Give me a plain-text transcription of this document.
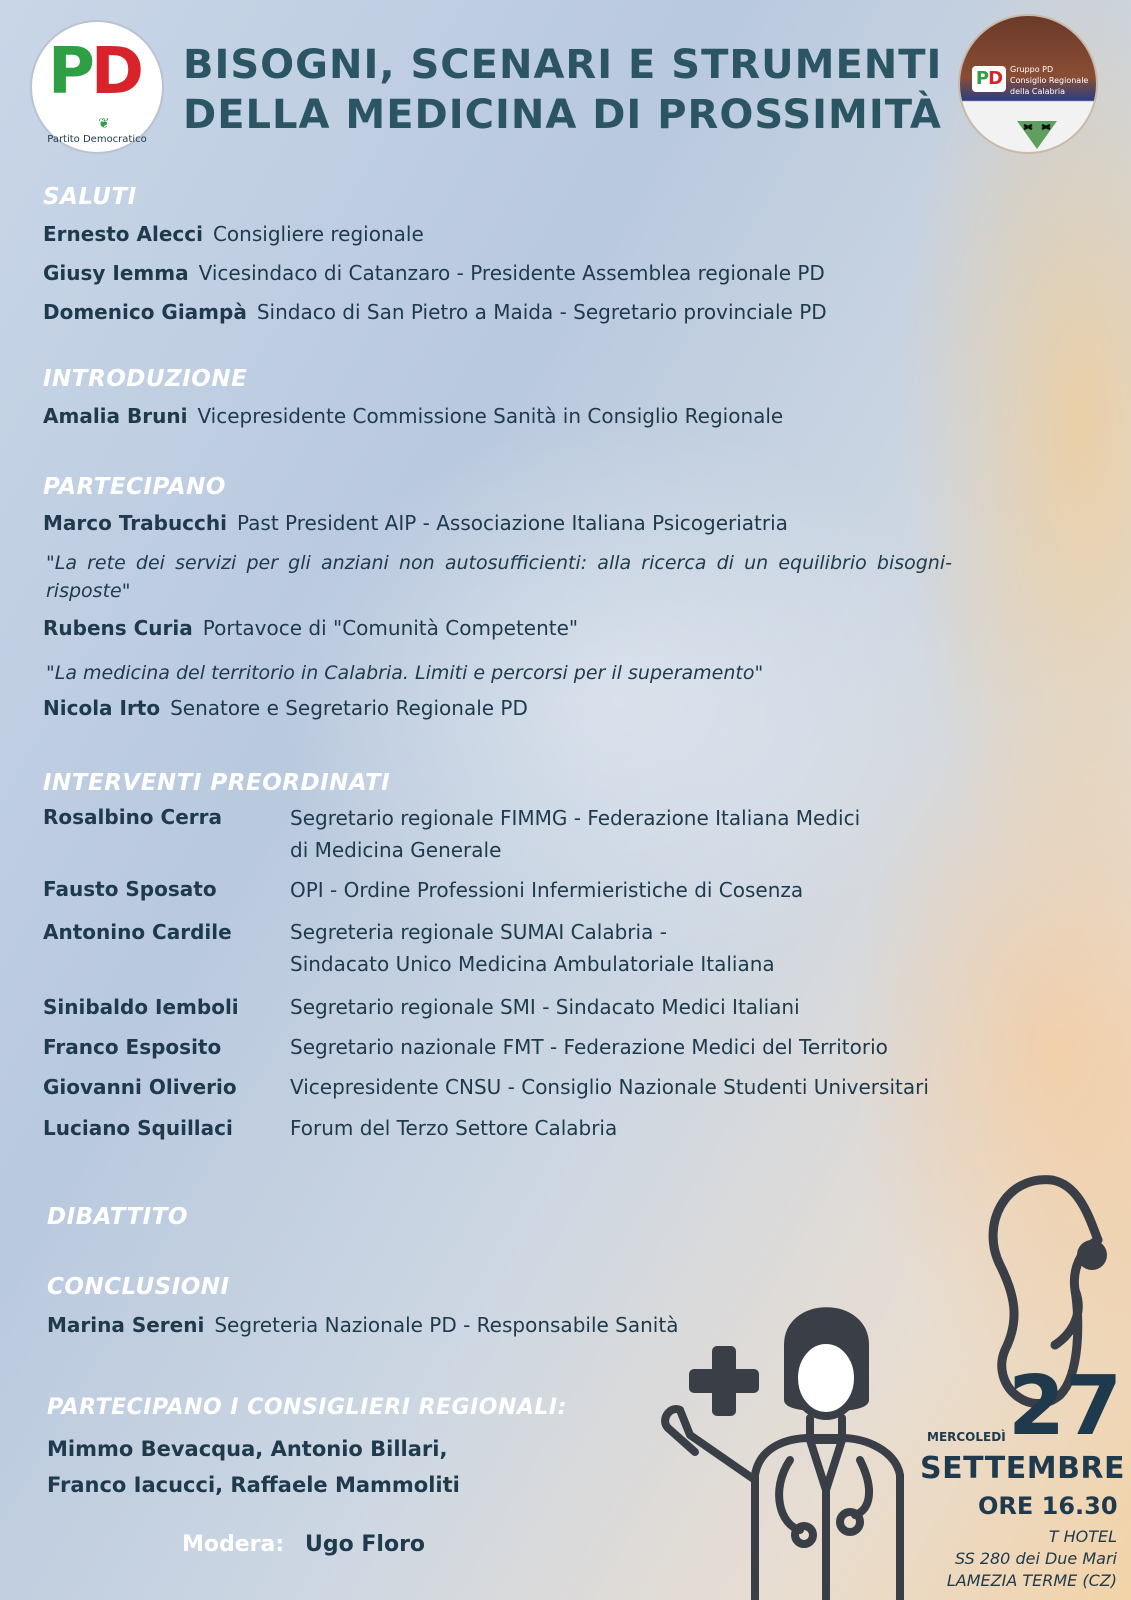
PD
❦
Partito Democratico
PD Gruppo PD
Consiglio Regionale
della Calabria
BISOGNI, SCENARI E STRUMENTI
DELLA MEDICINA DI PROSSIMITÀ
SALUTI
Ernesto Alecci Consigliere regionale
Giusy Iemma Vicesindaco di Catanzaro - Presidente Assemblea regionale PD
Domenico Giampà Sindaco di San Pietro a Maida - Segretario provinciale PD
INTRODUZIONE
Amalia Bruni Vicepresidente Commissione Sanità in Consiglio Regionale
PARTECIPANO
Marco Trabucchi Past President AIP - Associazione Italiana Psicogeriatria
"La rete dei servizi per gli anziani non autosufficienti: alla ricerca di un equilibrio bisogni-risposte"
Rubens Curia Portavoce di "Comunità Competente"
"La medicina del territorio in Calabria. Limiti e percorsi per il superamento"
Nicola Irto Senatore e Segretario Regionale PD
INTERVENTI PREORDINATI
Rosalbino Cerra	Segretario regionale FIMMG - Federazione Italiana Medici
di Medicina Generale
Fausto Sposato	OPI - Ordine Professioni Infermieristiche di Cosenza
Antonino Cardile	Segreteria regionale SUMAI Calabria -
Sindacato Unico Medicina Ambulatoriale Italiana
Sinibaldo Iemboli	Segretario regionale SMI - Sindacato Medici Italiani
Franco Esposito	Segretario nazionale FMT - Federazione Medici del Territorio
Giovanni Oliverio	Vicepresidente CNSU - Consiglio Nazionale Studenti Universitari
Luciano Squillaci	Forum del Terzo Settore Calabria
DIBATTITO
CONCLUSIONI
Marina Sereni Segreteria Nazionale PD - Responsabile Sanità
PARTECIPANO I CONSIGLIERI REGIONALI:
Mimmo Bevacqua, Antonio Billari,
Franco Iacucci, Raffaele Mammoliti
Modera: Ugo Floro
MERCOLEDÌ 27
SETTEMBRE
ORE 16.30
T HOTEL
SS 280 dei Due Mari
LAMEZIA TERME (CZ)
